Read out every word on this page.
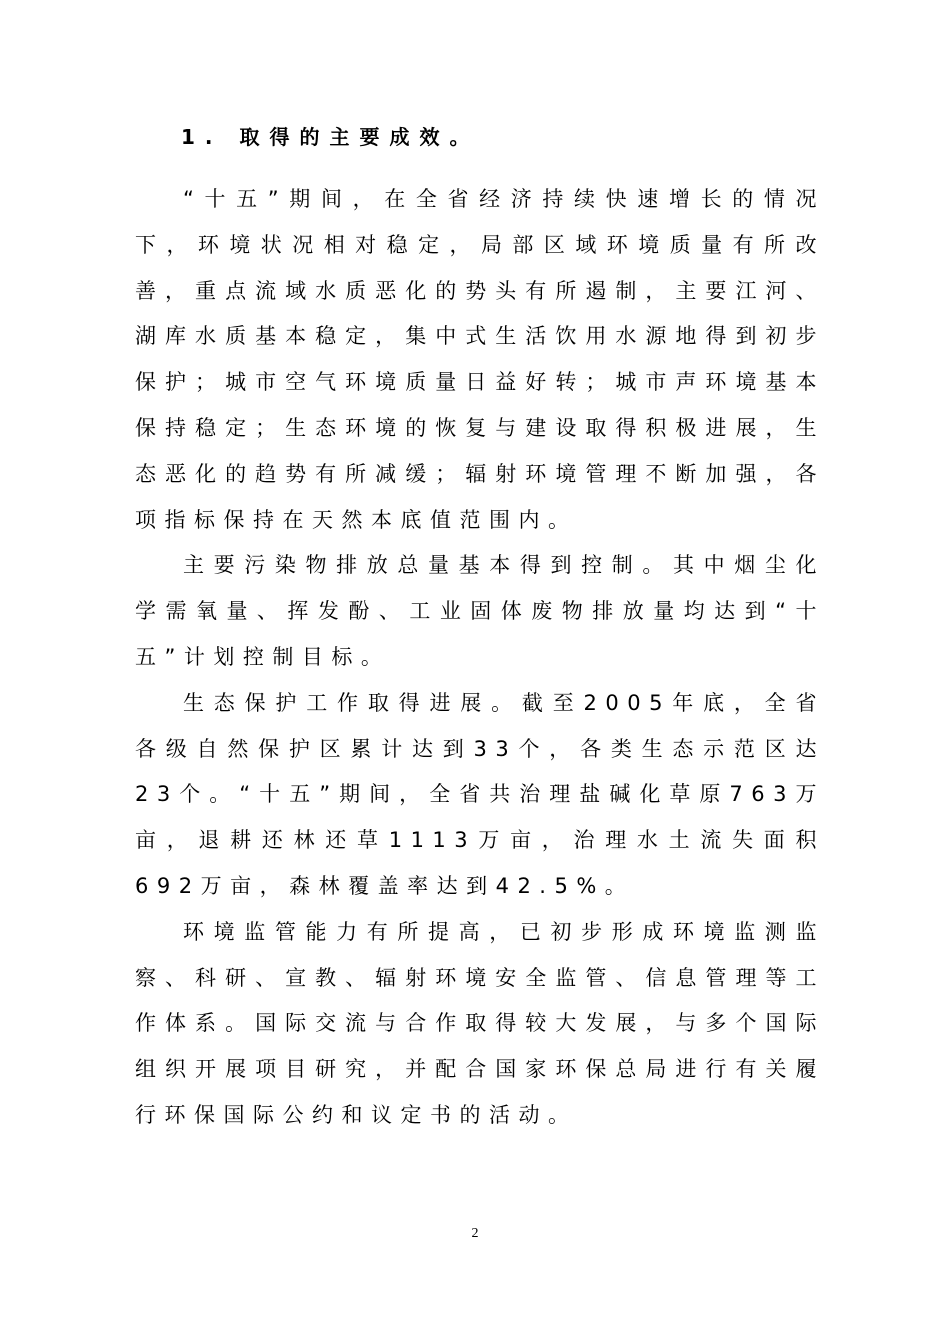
1. 取得的主要成效。

“十五”期间，在全省经济持续快速增长的情况下，环境状况相对稳定，局部区域环境质量有所改善，重点流域水质恶化的势头有所遏制，主要江河、湖库水质基本稳定，集中式生活饮用水源地得到初步保护；城市空气环境质量日益好转；城市声环境基本保持稳定；生态环境的恢复与建设取得积极进展，生态恶化的趋势有所减缓；辐射环境管理不断加强，各项指标保持在天然本底值范围内。

主要污染物排放总量基本得到控制。其中烟尘化学需氧量、挥发酚、工业固体废物排放量均达到“十五”计划控制目标。

生态保护工作取得进展。截至2005年底，全省各级自然保护区累计达到33个，各类生态示范区达23个。“十五”期间，全省共治理盐碱化草原763万亩，退耕还林还草1113万亩，治理水土流失面积692万亩，森林覆盖率达到42.5%。

环境监管能力有所提高，已初步形成环境监测监察、科研、宣教、辐射环境安全监管、信息管理等工作体系。国际交流与合作取得较大发展，与多个国际组织开展项目研究，并配合国家环保总局进行有关履行环保国际公约和议定书的活动。

2
